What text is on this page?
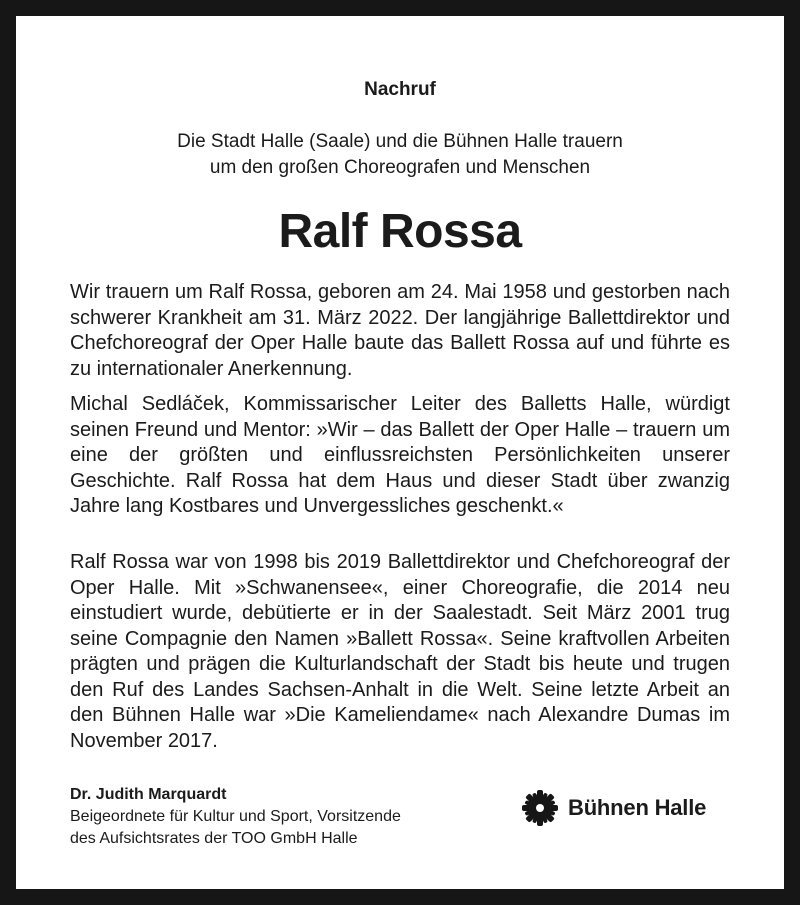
Nachruf
Die Stadt Halle (Saale) und die Bühnen Halle trauern
um den großen Choreografen und Menschen
Ralf Rossa
Wir trauern um Ralf Rossa, geboren am 24. Mai 1958 und gestorben nach schwerer Krankheit am 31. März 2022. Der langjährige Ballettdirektor und Chefchoreograf der Oper Halle baute das Ballett Rossa auf und führte es zu internationaler Anerkennung.
Michal Sedláček, Kommissarischer Leiter des Balletts Halle, würdigt seinen Freund und Mentor: »Wir – das Ballett der Oper Halle – trauern um eine der größten und einflussreichsten Persönlichkeiten unserer Geschichte. Ralf Rossa hat dem Haus und dieser Stadt über zwanzig Jahre lang Kostbares und Unvergessliches geschenkt.«
Ralf Rossa war von 1998 bis 2019 Ballettdirektor und Chefchoreograf der Oper Halle. Mit »Schwanensee«, einer Choreografie, die 2014 neu einstudiert wurde, debütierte er in der Saalestadt. Seit März 2001 trug seine Compagnie den Namen »Ballett Rossa«. Seine kraftvollen Arbeiten prägten und prägen die Kulturlandschaft der Stadt bis heute und trugen den Ruf des Landes Sachsen-Anhalt in die Welt. Seine letzte Arbeit an den Bühnen Halle war »Die Kameliendame« nach Alexandre Dumas im November 2017.
Dr. Judith Marquardt
Beigeordnete für Kultur und Sport, Vorsitzende
des Aufsichtsrates der TOO GmbH Halle
Bühnen Halle
